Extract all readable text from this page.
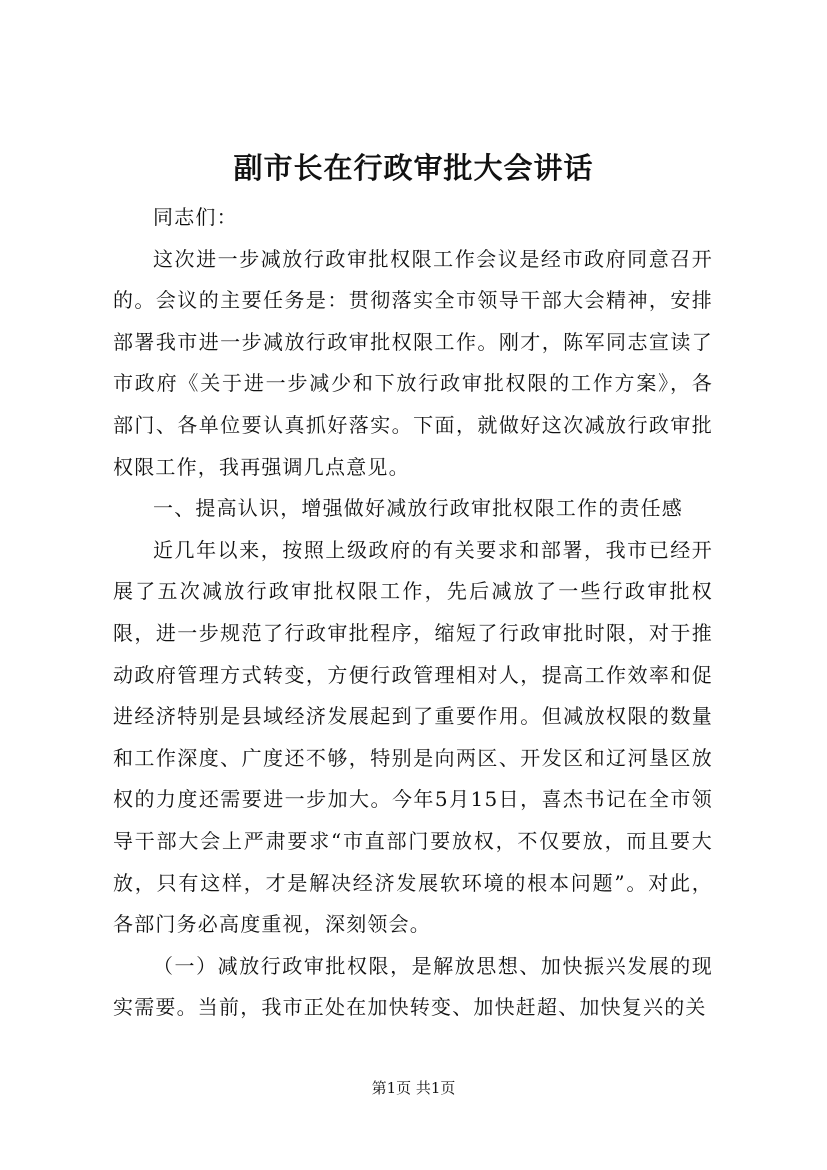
副市长在行政审批大会讲话

同志们：

这次进一步减放行政审批权限工作会议是经市政府同意召开的。会议的主要任务是：贯彻落实全市领导干部大会精神，安排部署我市进一步减放行政审批权限工作。刚才，陈军同志宣读了市政府《关于进一步减少和下放行政审批权限的工作方案》，各部门、各单位要认真抓好落实。下面，就做好这次减放行政审批权限工作，我再强调几点意见。

一、提高认识，增强做好减放行政审批权限工作的责任感

近几年以来，按照上级政府的有关要求和部署，我市已经开展了五次减放行政审批权限工作，先后减放了一些行政审批权限，进一步规范了行政审批程序，缩短了行政审批时限，对于推动政府管理方式转变，方便行政管理相对人，提高工作效率和促进经济特别是县域经济发展起到了重要作用。但减放权限的数量和工作深度、广度还不够，特别是向两区、开发区和辽河垦区放权的力度还需要进一步加大。今年5月15日，喜杰书记在全市领导干部大会上严肃要求“市直部门要放权，不仅要放，而且要大放，只有这样，才是解决经济发展软环境的根本问题”。对此，各部门务必高度重视，深刻领会。

（一）减放行政审批权限，是解放思想、加快振兴发展的现实需要。当前，我市正处在加快转变、加快赶超、加快复兴的关

第1页 共1页
